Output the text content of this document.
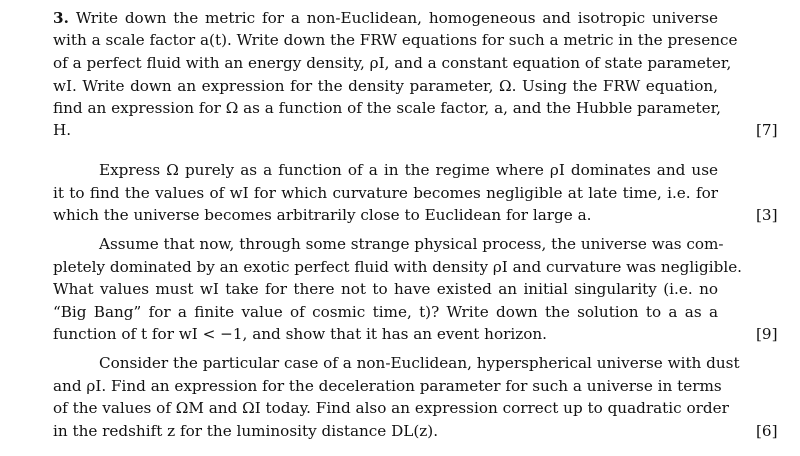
3. Write down the metric for a non-Euclidean, homogeneous and isotropic universe
with a scale factor a(t). Write down the FRW equations for such a metric in the presence
of a perfect fluid with an energy density, ρI, and a constant equation of state parameter,
wI. Write down an expression for the density parameter, Ω. Using the FRW equation,
find an expression for Ω as a function of the scale factor, a, and the Hubble parameter,
H.	[7]
Express Ω purely as a function of a in the regime where ρI dominates and use
it to find the values of wI for which curvature becomes negligible at late time, i.e. for
which the universe becomes arbitrarily close to Euclidean for large a.	[3]
Assume that now, through some strange physical process, the universe was com-
pletely dominated by an exotic perfect fluid with density ρI and curvature was negligible.
What values must wI take for there not to have existed an initial singularity (i.e. no
“Big Bang” for a finite value of cosmic time, t)? Write down the solution to a as a
function of t for wI < −1, and show that it has an event horizon.	[9]
Consider the particular case of a non-Euclidean, hyperspherical universe with dust
and ρI. Find an expression for the deceleration parameter for such a universe in terms
of the values of ΩM and ΩI today. Find also an expression correct up to quadratic order
in the redshift z for the luminosity distance DL(z).	[6]
